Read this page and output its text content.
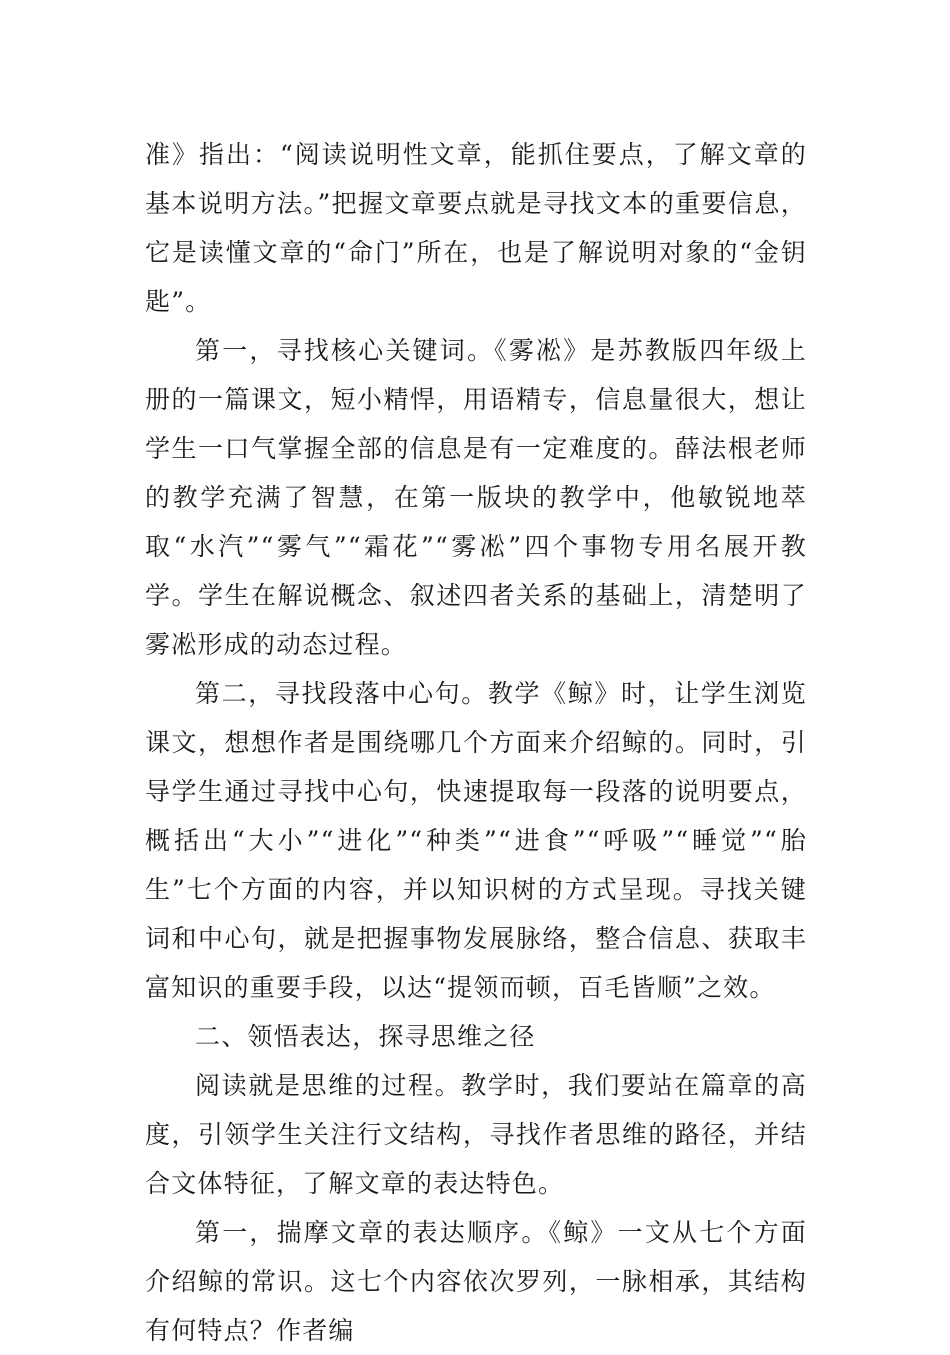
准》指出：“阅读说明性文章，能抓住要点，了解文章的基本说明方法。”把握文章要点就是寻找文本的重要信息，它是读懂文章的“命门”所在，也是了解说明对象的“金钥匙”。

第一，寻找核心关键词。《雾凇》是苏教版四年级上册的一篇课文，短小精悍，用语精专，信息量很大，想让学生一口气掌握全部的信息是有一定难度的。薛法根老师的教学充满了智慧，在第一版块的教学中，他敏锐地萃取“水汽”“雾气”“霜花”“雾凇”四个事物专用名展开教学。学生在解说概念、叙述四者关系的基础上，清楚明了雾凇形成的动态过程。

第二，寻找段落中心句。教学《鲸》时，让学生浏览课文，想想作者是围绕哪几个方面来介绍鲸的。同时，引导学生通过寻找中心句，快速提取每一段落的说明要点，概括出“大小”“进化”“种类”“进食”“呼吸”“睡觉”“胎生”七个方面的内容，并以知识树的方式呈现。寻找关键词和中心句，就是把握事物发展脉络，整合信息、获取丰富知识的重要手段，以达“提领而顿，百毛皆顺”之效。

二、领悟表达，探寻思维之径

阅读就是思维的过程。教学时，我们要站在篇章的高度，引领学生关注行文结构，寻找作者思维的路径，并结合文体特征，了解文章的表达特色。

第一，揣摩文章的表达顺序。《鲸》一文从七个方面介绍鲸的常识。这七个内容依次罗列，一脉相承，其结构有何特点？作者编
